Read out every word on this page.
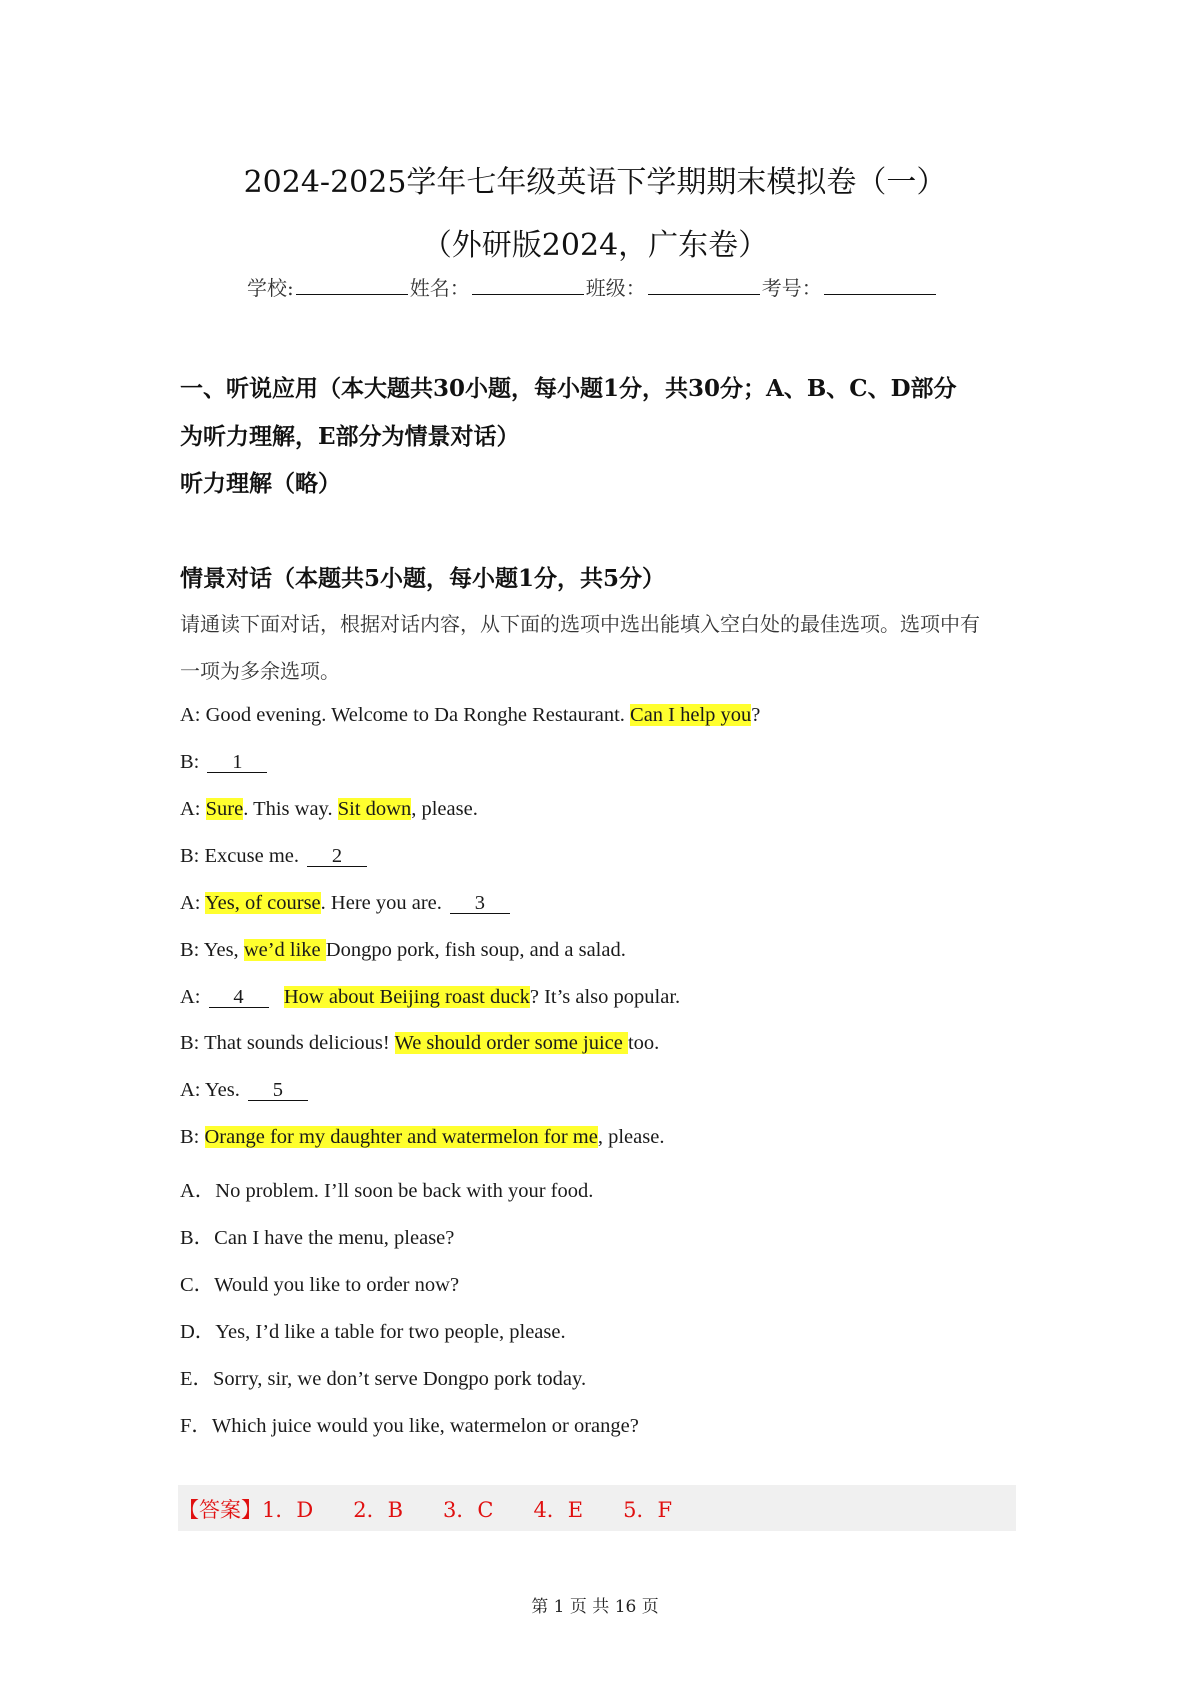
2024-2025学年七年级英语下学期期末模拟卷（一）
（外研版2024，广东卷）
学校:	姓名：	班级：	考号：
一、听说应用（本大题共30小题，每小题1分，共30分；A、B、C、D部分
为听力理解，E部分为情景对话）
听力理解（略）
情景对话（本题共5小题，每小题1分，共5分）
请通读下面对话，根据对话内容，从下面的选项中选出能填入空白处的最佳选项。选项中有
一项为多余选项。
A: Good evening. Welcome to Da Ronghe Restaurant. Can I help you?
B: 1
A: Sure. This way. Sit down, please.
B: Excuse me. 2
A: Yes, of course. Here you are. 3
B: Yes, we’d like Dongpo pork, fish soup, and a salad.
A: 4 How about Beijing roast duck? It’s also popular.
B: That sounds delicious! We should order some juice too.
A: Yes. 5
B: Orange for my daughter and watermelon for me, please.
A．No problem. I’ll soon be back with your food.
B．Can I have the menu, please?
C．Would you like to order now?
D．Yes, I’d like a table for two people, please.
E．Sorry, sir, we don’t serve Dongpo pork today.
F．Which juice would you like, watermelon or orange?
【答案】1．D 2．B 3．C 4．E 5．F
第 1 页 共 16 页
